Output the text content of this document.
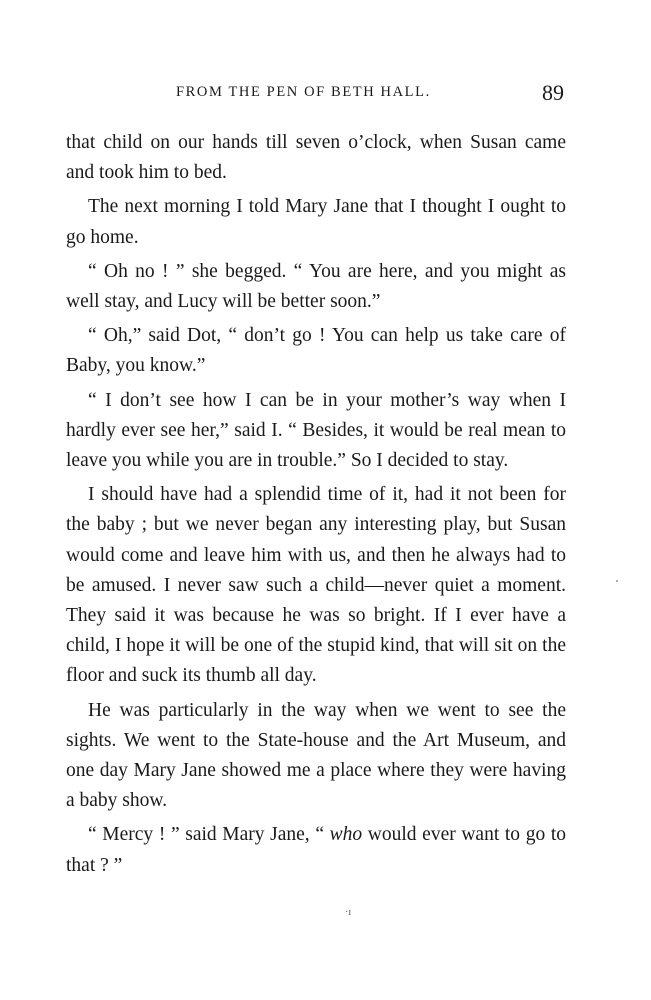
FROM THE PEN OF BETH HALL.	89

that child on our hands till seven o’clock, when Susan came and took him to bed.

The next morning I told Mary Jane that I thought I ought to go home.

“ Oh no ! ” she begged. “ You are here, and you might as well stay, and Lucy will be better soon.”

“ Oh,” said Dot, “ don’t go ! You can help us take care of Baby, you know.”

“ I don’t see how I can be in your mother’s way when I hardly ever see her,” said I. “ Besides, it would be real mean to leave you while you are in trouble.” So I decided to stay.

I should have had a splendid time of it, had it not been for the baby ; but we never began any interesting play, but Susan would come and leave him with us, and then he always had to be amused. I never saw such a child—never quiet a moment. They said it was because he was so bright. If I ever have a child, I hope it will be one of the stupid kind, that will sit on the floor and suck its thumb all day.

He was particularly in the way when we went to see the sights. We went to the State-house and the Art Museum, and one day Mary Jane showed me a place where they were having a baby show.

“ Mercy ! ” said Mary Jane, “ who would ever want to go to that ? ”

·ı
